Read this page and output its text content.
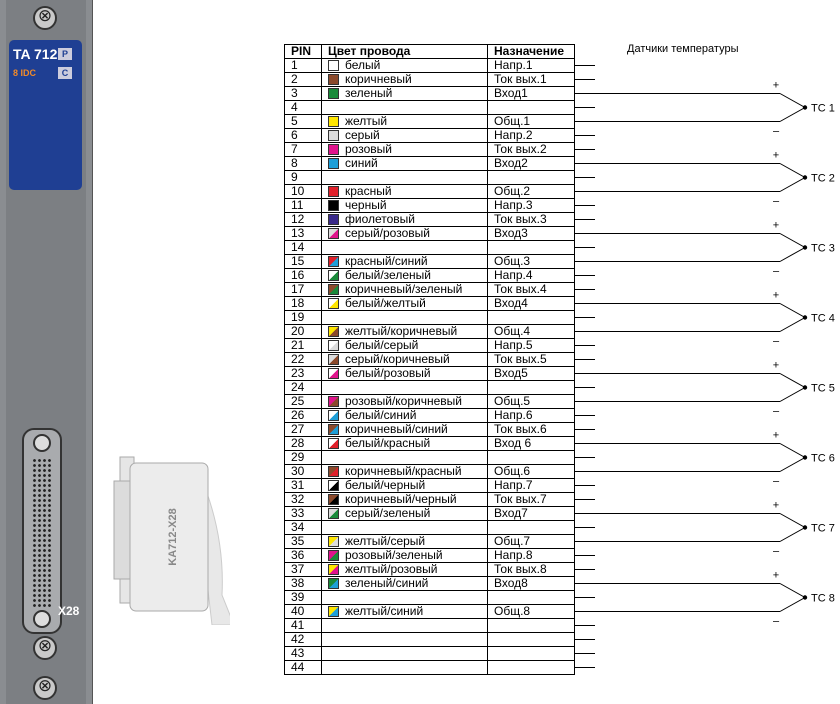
⊗
TA 712
8 IDC
P
C
X28
⊗
⊗
KA712-X28
Датчики температуры
PIN	Цвет провода	Назначение
1	белый	Напр.1
2	коричневый	Ток вых.1
3	зеленый	Вход1
4		
5	желтый	Общ.1
6	серый	Напр.2
7	розовый	Ток вых.2
8	синий	Вход2
9		
10	красный	Общ.2
11	черный	Напр.3
12	фиолетовый	Ток вых.3
13	серый/розовый	Вход3
14		
15	красный/синий	Общ.3
16	белый/зеленый	Напр.4
17	коричневый/зеленый	Ток вых.4
18	белый/желтый	Вход4
19		
20	желтый/коричневый	Общ.4
21	белый/серый	Напр.5
22	серый/коричневый	Ток вых.5
23	белый/розовый	Вход5
24		
25	розовый/коричневый	Общ.5
26	белый/синий	Напр.6
27	коричневый/синий	Ток вых.6
28	белый/красный	Вход 6
29		
30	коричневый/красный	Общ.6
31	белый/черный	Напр.7
32	коричневый/черный	Ток вых.7
33	серый/зеленый	Вход7
34		
35	желтый/серый	Общ.7
36	розовый/зеленый	Напр.8
37	желтый/розовый	Ток вых.8
38	зеленый/синий	Вход8
39		
40	желтый/синий	Общ.8
41		
42		
43		
44		
+
–
TC 1
+
–
TC 2
+
–
TC 3
+
–
TC 4
+
–
TC 5
+
–
TC 6
+
–
TC 7
+
–
TC 8
